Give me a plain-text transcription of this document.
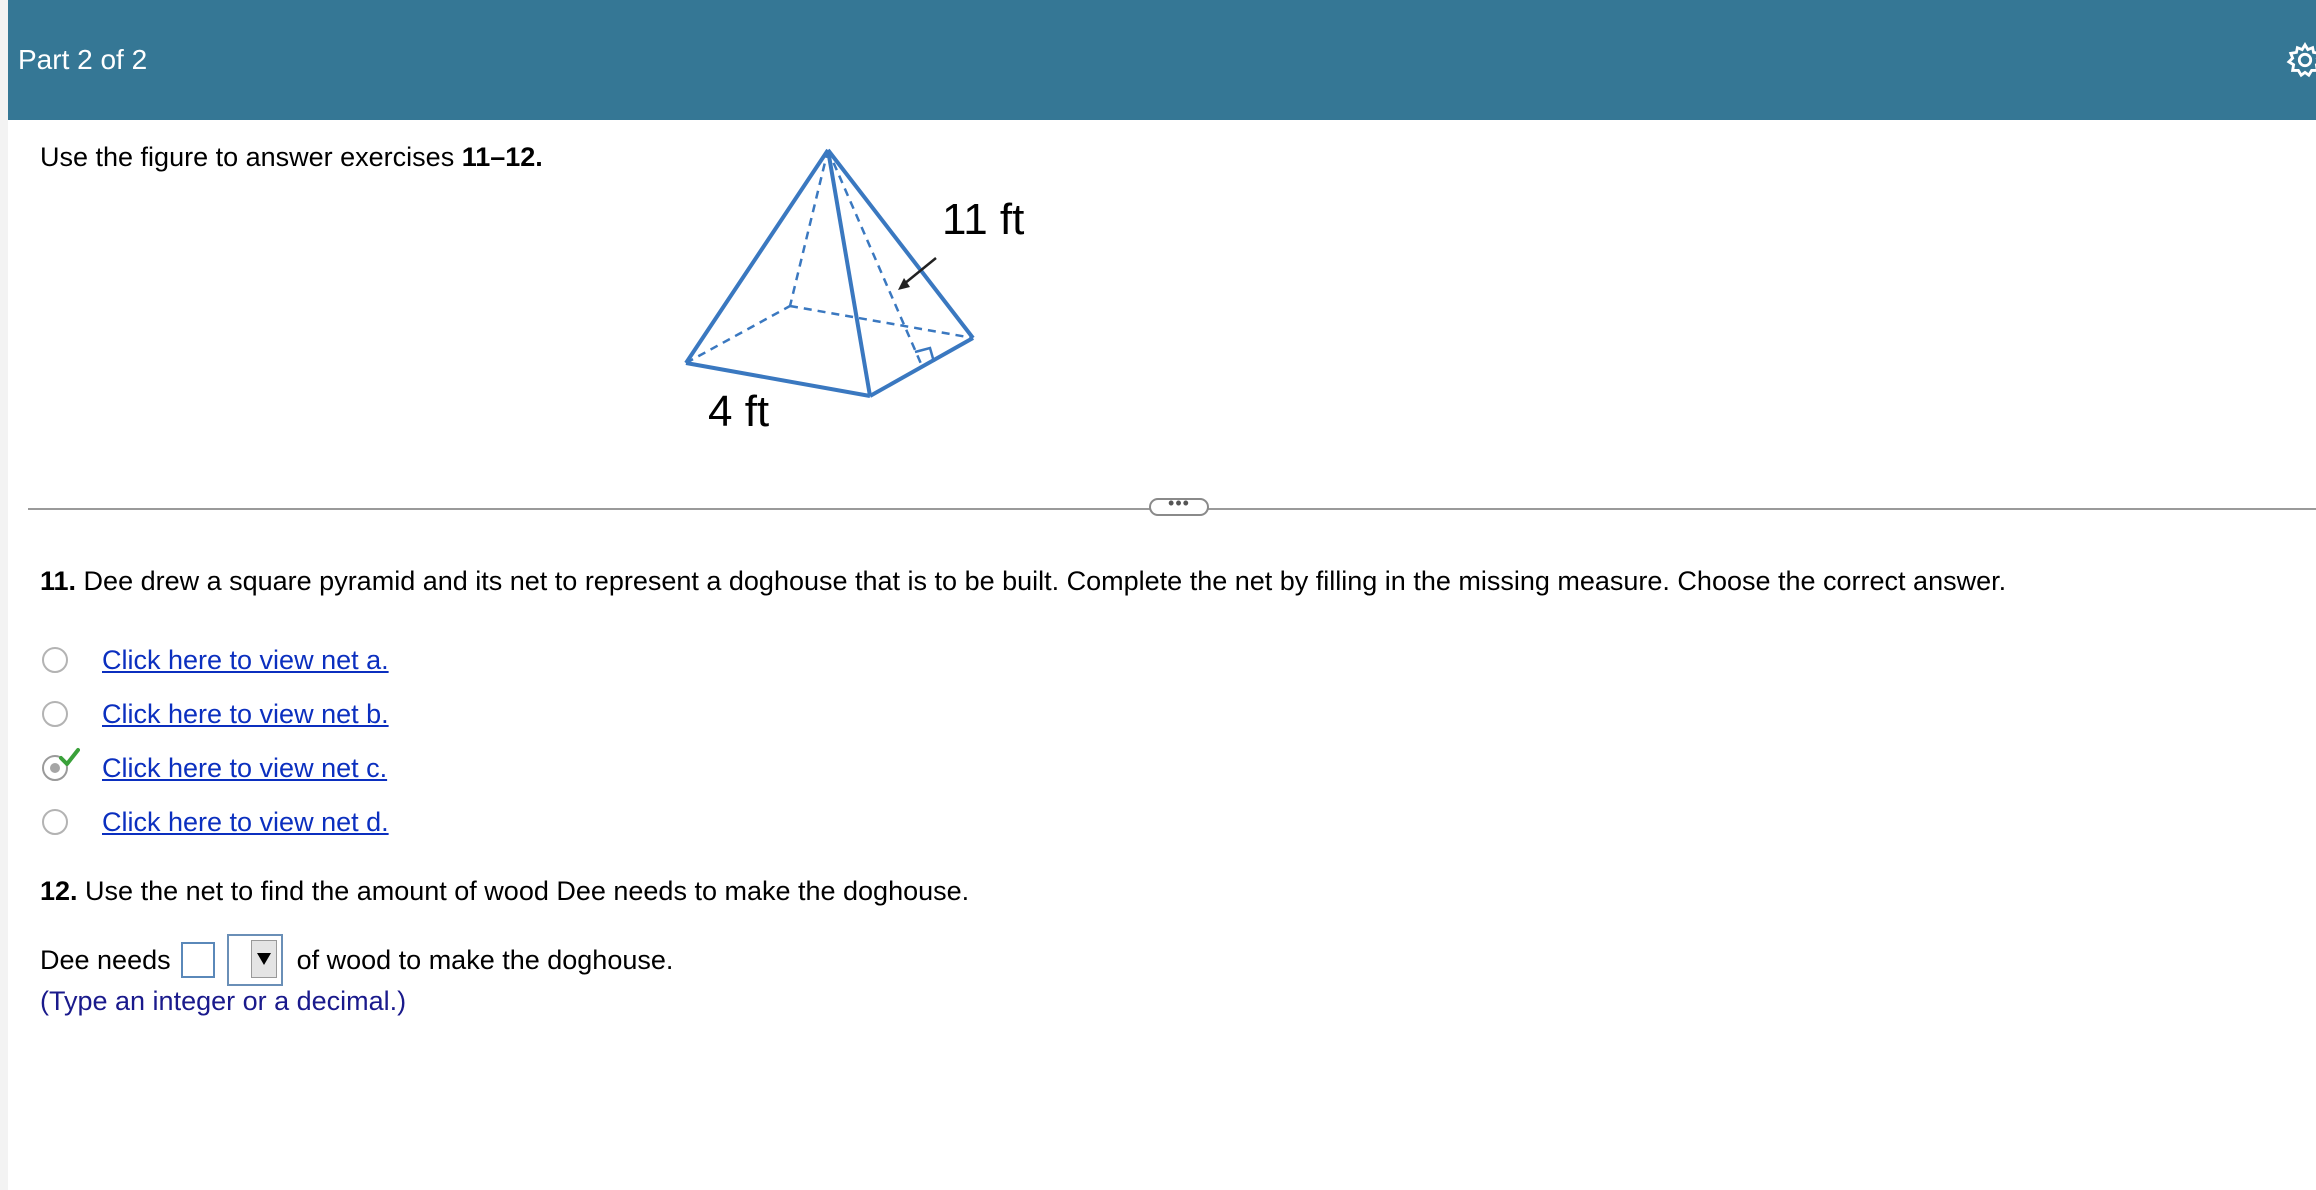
Part 2 of 2
Use the figure to answer exercises 11–12.
11 ft
4 ft
•••
11. Dee drew a square pyramid and its net to represent a doghouse that is to be built. Complete the net by filling in the missing measure. Choose the correct answer.
Click here to view net a.
Click here to view net b.
Click here to view net c.
Click here to view net d.
12. Use the net to find the amount of wood Dee needs to make the doghouse.
Dee needs	of wood to make the doghouse.
(Type an integer or a decimal.)
